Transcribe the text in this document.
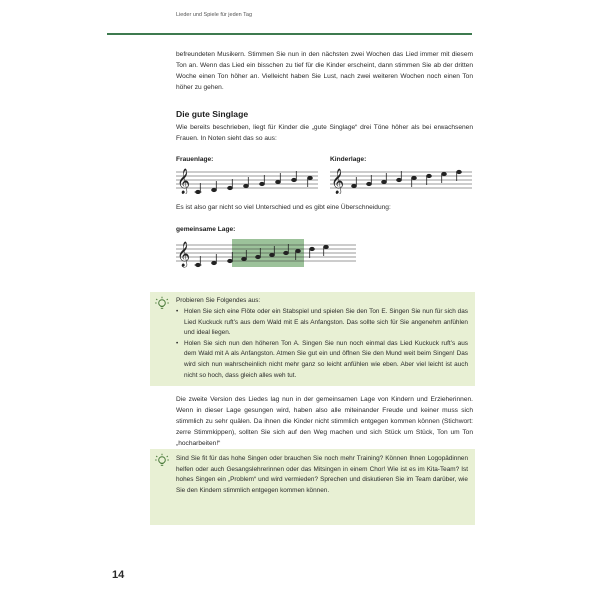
Lieder und Spiele für jeden Tag

befreundeten Musikern. Stimmen Sie nun in den nächsten zwei Wochen das Lied immer mit diesem Ton an. Wenn das Lied ein bisschen zu tief für die Kinder erscheint, dann stimmen Sie ab der dritten Woche einen Ton höher an. Vielleicht haben Sie Lust, nach zwei weiteren Wochen noch einen Ton höher zu gehen.

Die gute Singlage

Wie bereits beschrieben, liegt für Kinder die „gute Singlage“ drei Töne höher als bei erwachsenen Frauen. In Noten sieht das so aus:

Frauenlage:	Kinderlage:
𝄞	𝄞

Es ist also gar nicht so viel Unterschied und es gibt eine Überschneidung:

gemeinsame Lage:
𝄞

Probieren Sie Folgendes aus:

• Holen Sie sich eine Flöte oder ein Stabspiel und spielen Sie den Ton E. Singen Sie nun für sich das Lied Kuckuck ruft’s aus dem Wald mit E als Anfangston. Das sollte sich für Sie angenehm anfühlen und ideal liegen.
• Holen Sie sich nun den höheren Ton A. Singen Sie nun noch einmal das Lied Kuckuck ruft’s aus dem Wald mit A als Anfangston. Atmen Sie gut ein und öffnen Sie den Mund weit beim Singen! Das wird sich nun wahrscheinlich nicht mehr ganz so leicht anfühlen wie eben. Aber viel leicht ist auch nicht so hoch, dass gleich alles weh tut.

Die zweite Version des Liedes lag nun in der gemeinsamen Lage von Kindern und Erzieherinnen. Wenn in dieser Lage gesungen wird, haben also alle miteinander Freude und keiner muss sich stimmlich zu sehr quälen. Da ihnen die Kinder nicht stimmlich entgegen kommen können (Stichwort: zerre Stimmkippen), sollten Sie sich auf den Weg machen und sich Stück um Stück, Ton um Ton „hocharbeiten!“

Sind Sie fit für das hohe Singen oder brauchen Sie noch mehr Training? Können Ihnen Logopädinnen helfen oder auch Gesangslehrerinnen oder das Mitsingen in einem Chor! Wie ist es im Kita-Team? Ist hohes Singen ein „Problem“ und wird vermieden? Sprechen und diskutieren Sie im Team darüber, wie Sie den Kindern stimmlich entgegen kommen können.

14
